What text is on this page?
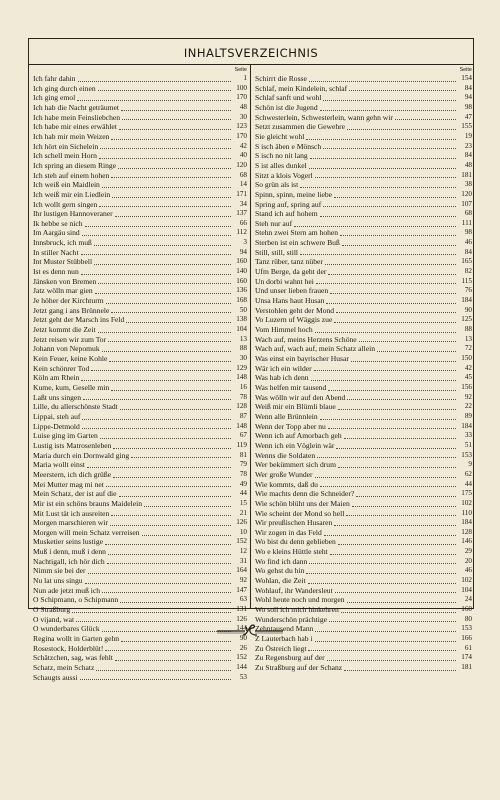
INHALTSVERZEICHNIS
Seite
Ich fahr dahin	1
Ich ging durch einen	100
Ich ging emol	170
Ich hab die Nacht geträumet	48
Ich habe mein Feinsliebchen	30
Ich habe mir eines erwählet	123
Ich hab mir mein Weizen	170
Ich hört ein Sichelein	42
Ich schell mein Horn	40
Ich spring an diesem Ringe	120
Ich steh auf einem hohen	68
Ich weiß ein Maidlein	14
Ich weiß mir ein Liedlein	171
Ich wollt gern singen	34
Ihr lustigen Hannoveraner	137
Ik hebbe se nich	66
Im Aargäu sind	112
Innsbruck, ich muß	3
In stiller Nacht	94
Int Muster Stübbell	160
Ist es denn nun	140
Jänsken von Bremen	160
Jatz wölln mar gien	136
Je höher der Kirchturm	168
Jetzt gang i ans Brünnele	50
Jetzt geht der Marsch ins Feld	138
Jetzt kommt die Zeit	104
Jetzt reisen wir zum Tor	13
Johann von Nepomuk	88
Kein Feuer, keine Kohle	30
Kein schönrer Tod	129
Köln am Rhein	148
Kume, kum, Geselle min	16
Laßt uns singen	78
Lille, du allerschönste Stadt	128
Lippai, steh auf	87
Lippe-Detmold	148
Luise ging im Garten	67
Lustig ists Matrosenleben	119
Maria durch ein Dornwald ging	81
Maria wollt einst	79
Meerstern, ich dich grüße	78
Mei Mutter mag mi net	49
Mein Schatz, der ist auf die	44
Mir ist ein schöns brauns Maidelein	15
Mit Lust tät ich ausreiten	21
Morgen marschieren wir	126
Morgen will mein Schatz verreisen	10
Musketier seins lustige	152
Muß i denn, muß i denn	12
Nachtigall, ich hör dich	31
Nimm sie bei der	164
Nu lat uns singu	92
Nun ade jetzt muß ich	147
O Schipmann, o Schipmann	63
O Straßburg	131
O vijand, wat	126
O wunderbares Glück	144
Regina wollt in Garten gehn	90
Rosestock, Holderblüt!	26
Schätzchen, sag, was fehlt	152
Schatz, mein Schatz	144
Schaugts aussi	53
Seite
Schirrt die Rosse	154
Schlaf, mein Kindelein, schlaf	84
Schlaf sanft und wohl	94
Schön ist die Jugend	98
Schwesterlein, Schwesterlein, wann gehn wir	47
Setzt zusammen die Gewehre	155
Sie gleicht wohl	19
S isch äben e Mönsch	23
S isch no nit lang	84
S ist alles dunkel	48
Sitzt a klois Vogerl	181
So grün als ist	38
Spinn, spinn, meine liebe	120
Spring auf, spring auf	107
Stand ich auf hohem	68
Steh nur auf	111
Stehn zwei Stern am hohen	98
Sterben ist ein schwere Buß	46
Still, still, still	84
Tanz rüber, tanz nüber	165
Ufm Berge, da geht der	82
Un dorbi wahnt hei	115
Und unser lieben frauen	76
Unsa Hans haut Husan	184
Verstohlen geht der Mond	90
Vo Luzern uf Wäggis zue	125
Vom Himmel hoch	88
Wach auf, meins Herzens Schöne	13
Wach auf, wach auf, mein Schatz allein	72
Was einst ein bayrischer Husar	150
Wär ich ein wilder	42
Was hab ich denn	45
Was helfen mir tausend	156
Was wölln wir auf den Abend	92
Weiß mir ein Blümli blaue	22
Wenn alle Brünnlein	89
Wenn der Topp aber nu	184
Wenn ich auf Amorbach geh	33
Wenn ich ein Vöglein wär	51
Wenns die Soldaten	153
Wer bekümmert sich drum	9
Wer große Wunder	62
Wie kommts, daß du	44
Wie machts denn die Schneider?	175
Wie schön blüht uns der Maien	102
Wie scheint der Mond so hell	110
Wir preußischen Husaren	184
Wir zogen in das Feld	128
Wo bist du denn geblieben	146
Wo e kleins Hüttle steht	29
Wo find ich dann	20
Wo gehst du hin	46
Wohlan, die Zeit	102
Wohlauf, ihr Wandersleut	104
Wohl heute noch und morgen	24
Wo soll ich mich hinkehren	160
Wunderschön prächtige	80
Zehntausend Mann	153
Z Lauterbach hab i	166
Zu Östreich liegt	61
Zu Regensburg auf der	174
Zu Straßburg auf der Schanz	181
